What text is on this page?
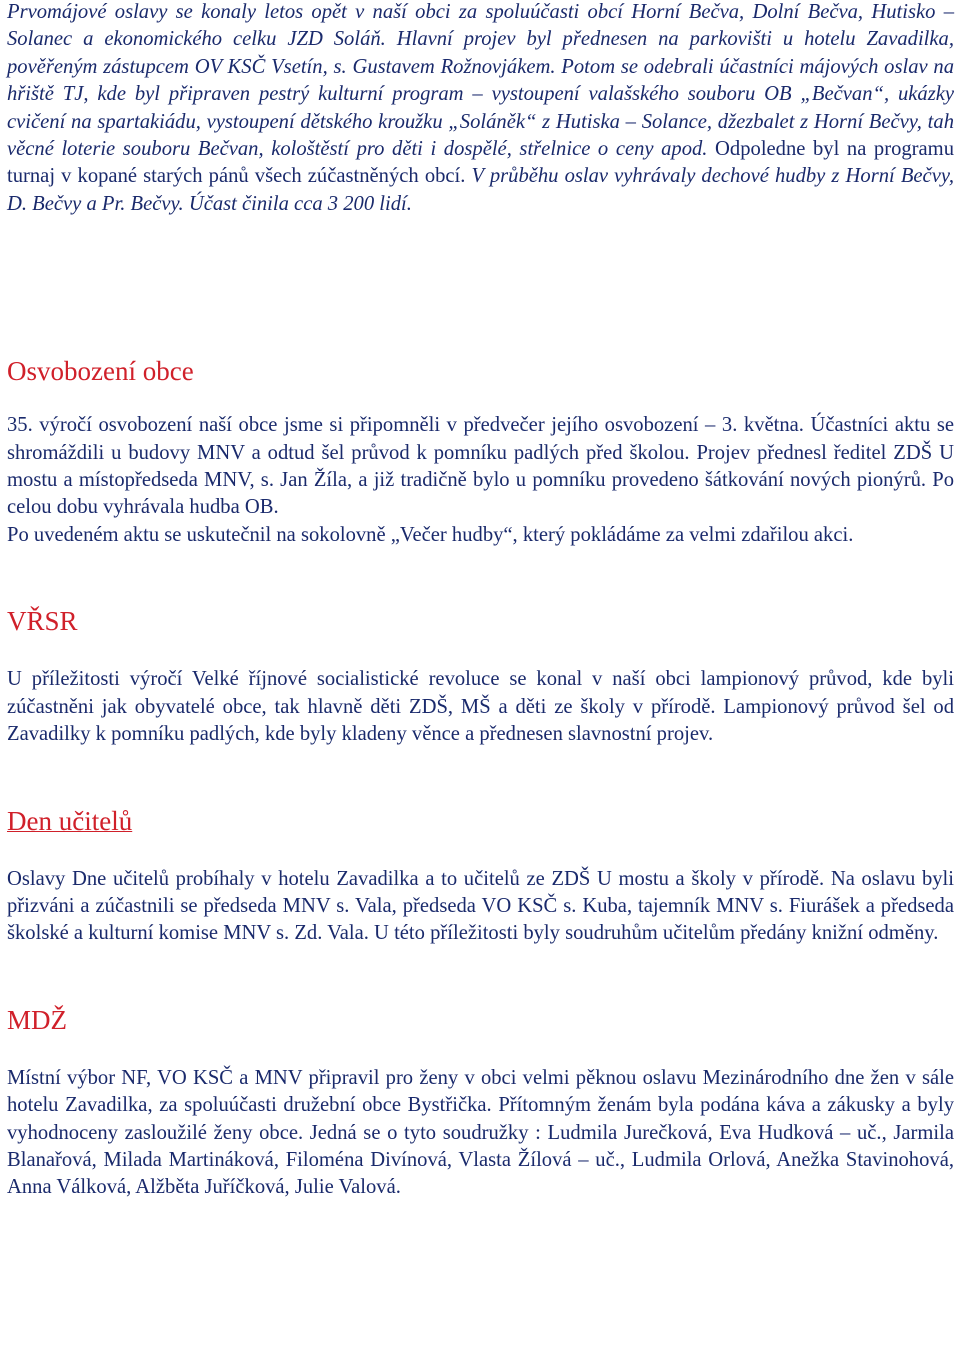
Prvomájové oslavy se konaly letos opět v naší obci za spoluúčasti obcí Horní Bečva, Dolní Bečva, Hutisko – Solanec a ekonomického celku JZD Soláň. Hlavní projev byl přednesen na parkovišti u hotelu Zavadilka, pověřeným zástupcem OV KSČ Vsetín, s. Gustavem Rožnovjákem. Potom se odebrali účastníci májových oslav na hřiště TJ, kde byl připraven pestrý kulturní program – vystoupení valašského souboru OB „Bečvan“, ukázky cvičení na spartakiádu, vystoupení dětského kroužku „Soláněk“ z Hutiska – Solance, džezbalet z Horní Bečvy, tah věcné loterie souboru Bečvan, kološtěstí pro děti i dospělé, střelnice o ceny apod. Odpoledne byl na programu turnaj v kopané starých pánů všech zúčastněných obcí. V průběhu oslav vyhrávaly dechové hudby z Horní Bečvy, D. Bečvy a Pr. Bečvy. Účast činila cca 3 200 lidí.

Osvobození obce

35. výročí osvobození naší obce jsme si připomněli v předvečer jejího osvobození – 3. května. Účastníci aktu se shromáždili u budovy MNV a odtud šel průvod k pomníku padlých před školou. Projev přednesl ředitel ZDŠ U mostu a místopředseda MNV, s. Jan Žíla, a již tradičně bylo u pomníku provedeno šátkování nových pionýrů. Po celou dobu vyhrávala hudba OB.

Po uvedeném aktu se uskutečnil na sokolovně „Večer hudby“, který pokládáme za velmi zdařilou akci.

VŘSR

U příležitosti výročí Velké říjnové socialistické revoluce se konal v naší obci lampionový průvod, kde byli zúčastněni jak obyvatelé obce, tak hlavně děti ZDŠ, MŠ a děti ze školy v přírodě. Lampionový průvod šel od Zavadilky k pomníku padlých, kde byly kladeny věnce a přednesen slavnostní projev.

Den učitelů

Oslavy Dne učitelů probíhaly v hotelu Zavadilka a to učitelů ze ZDŠ U mostu a školy v přírodě. Na oslavu byli přizváni a zúčastnili se předseda MNV s. Vala, předseda VO KSČ s. Kuba, tajemník MNV s. Fiurášek a předseda školské a kulturní komise MNV s. Zd. Vala. U této příležitosti byly soudruhům učitelům předány knižní odměny.

MDŽ

Místní výbor NF, VO KSČ a MNV připravil pro ženy v obci velmi pěknou oslavu Mezinárodního dne žen v sále hotelu Zavadilka, za spoluúčasti družební obce Bystřička. Přítomným ženám byla podána káva a zákusky a byly vyhodnoceny zasloužilé ženy obce. Jedná se o tyto soudružky : Ludmila Jurečková, Eva Hudková – uč., Jarmila Blanařová, Milada Martináková, Filoména Divínová, Vlasta Žílová – uč., Ludmila Orlová, Anežka Stavinohová, Anna Válková, Alžběta Juříčková, Julie Valová.
